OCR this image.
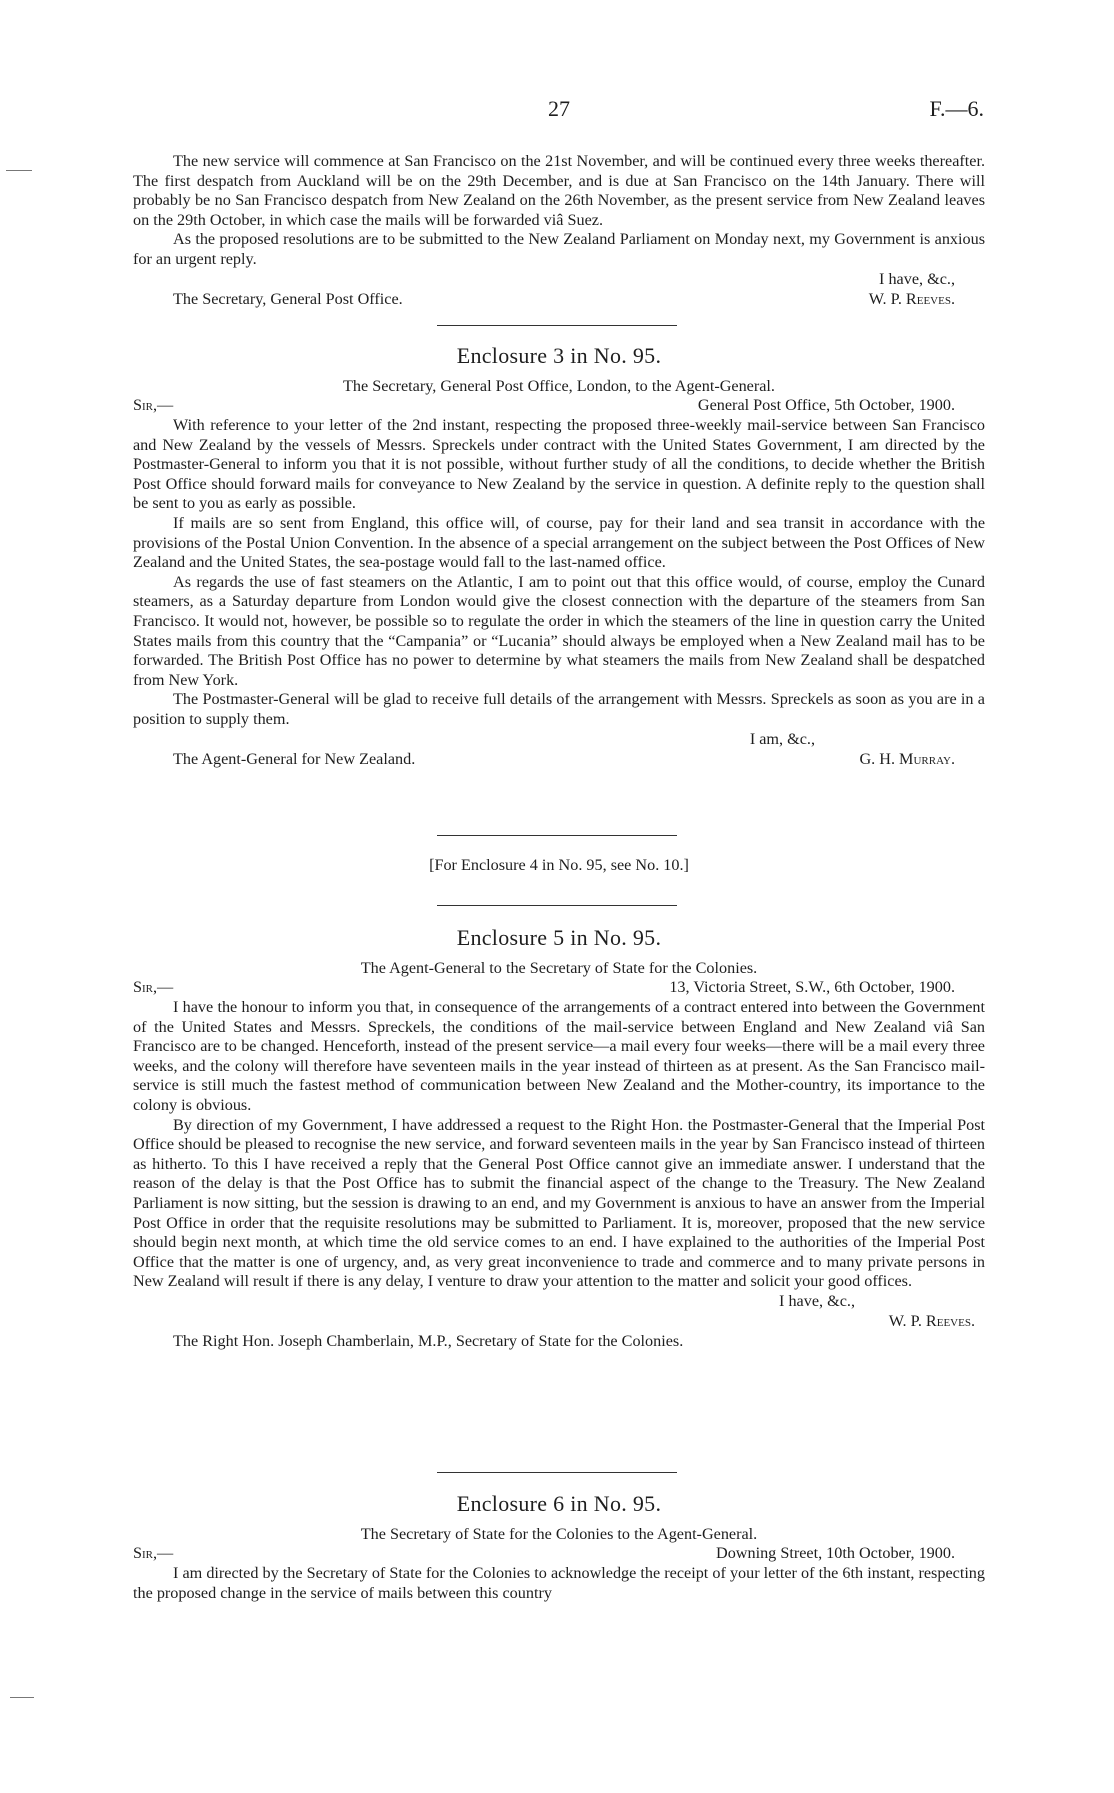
27	F.—6.

The new service will commence at San Francisco on the 21st November, and will be continued every three weeks thereafter. The first despatch from Auckland will be on the 29th December, and is due at San Francisco on the 14th January. There will probably be no San Francisco despatch from New Zealand on the 26th November, as the present service from New Zealand leaves on the 29th October, in which case the mails will be forwarded viâ Suez.

As the proposed resolutions are to be submitted to the New Zealand Parliament on Monday next, my Government is anxious for an urgent reply.

I have, &c.,
The Secretary, General Post Office.	W. P. Reeves.
Enclosure 3 in No. 95.
The Secretary, General Post Office, London, to the Agent-General.
Sir,—	General Post Office, 5th October, 1900.

With reference to your letter of the 2nd instant, respecting the proposed three-weekly mail-service between San Francisco and New Zealand by the vessels of Messrs. Spreckels under contract with the United States Government, I am directed by the Postmaster-General to inform you that it is not possible, without further study of all the conditions, to decide whether the British Post Office should forward mails for conveyance to New Zealand by the service in question. A definite reply to the question shall be sent to you as early as possible.

If mails are so sent from England, this office will, of course, pay for their land and sea transit in accordance with the provisions of the Postal Union Convention. In the absence of a special arrangement on the subject between the Post Offices of New Zealand and the United States, the sea-postage would fall to the last-named office.

As regards the use of fast steamers on the Atlantic, I am to point out that this office would, of course, employ the Cunard steamers, as a Saturday departure from London would give the closest connection with the departure of the steamers from San Francisco. It would not, however, be possible so to regulate the order in which the steamers of the line in question carry the United States mails from this country that the “Campania” or “Lucania” should always be employed when a New Zealand mail has to be forwarded. The British Post Office has no power to determine by what steamers the mails from New Zealand shall be despatched from New York.

The Postmaster-General will be glad to receive full details of the arrangement with Messrs. Spreckels as soon as you are in a position to supply them.

I am, &c.,
The Agent-General for New Zealand.	G. H. Murray.
[For Enclosure 4 in No. 95, see No. 10.]
Enclosure 5 in No. 95.
The Agent-General to the Secretary of State for the Colonies.
Sir,—	13, Victoria Street, S.W., 6th October, 1900.

I have the honour to inform you that, in consequence of the arrangements of a contract entered into between the Government of the United States and Messrs. Spreckels, the conditions of the mail-service between England and New Zealand viâ San Francisco are to be changed. Henceforth, instead of the present service—a mail every four weeks—there will be a mail every three weeks, and the colony will therefore have seventeen mails in the year instead of thirteen as at present. As the San Francisco mail-service is still much the fastest method of communication between New Zealand and the Mother-country, its importance to the colony is obvious.

By direction of my Government, I have addressed a request to the Right Hon. the Postmaster-General that the Imperial Post Office should be pleased to recognise the new service, and forward seventeen mails in the year by San Francisco instead of thirteen as hitherto. To this I have received a reply that the General Post Office cannot give an immediate answer. I understand that the reason of the delay is that the Post Office has to submit the financial aspect of the change to the Treasury. The New Zealand Parliament is now sitting, but the session is drawing to an end, and my Government is anxious to have an answer from the Imperial Post Office in order that the requisite resolutions may be submitted to Parliament. It is, moreover, proposed that the new service should begin next month, at which time the old service comes to an end. I have explained to the authorities of the Imperial Post Office that the matter is one of urgency, and, as very great inconvenience to trade and commerce and to many private persons in New Zealand will result if there is any delay, I venture to draw your attention to the matter and solicit your good offices.

I have, &c.,
W. P. Reeves.
The Right Hon. Joseph Chamberlain, M.P., Secretary of State for the Colonies.
Enclosure 6 in No. 95.
The Secretary of State for the Colonies to the Agent-General.
Sir,—	Downing Street, 10th October, 1900.

I am directed by the Secretary of State for the Colonies to acknowledge the receipt of your letter of the 6th instant, respecting the proposed change in the service of mails between this country
